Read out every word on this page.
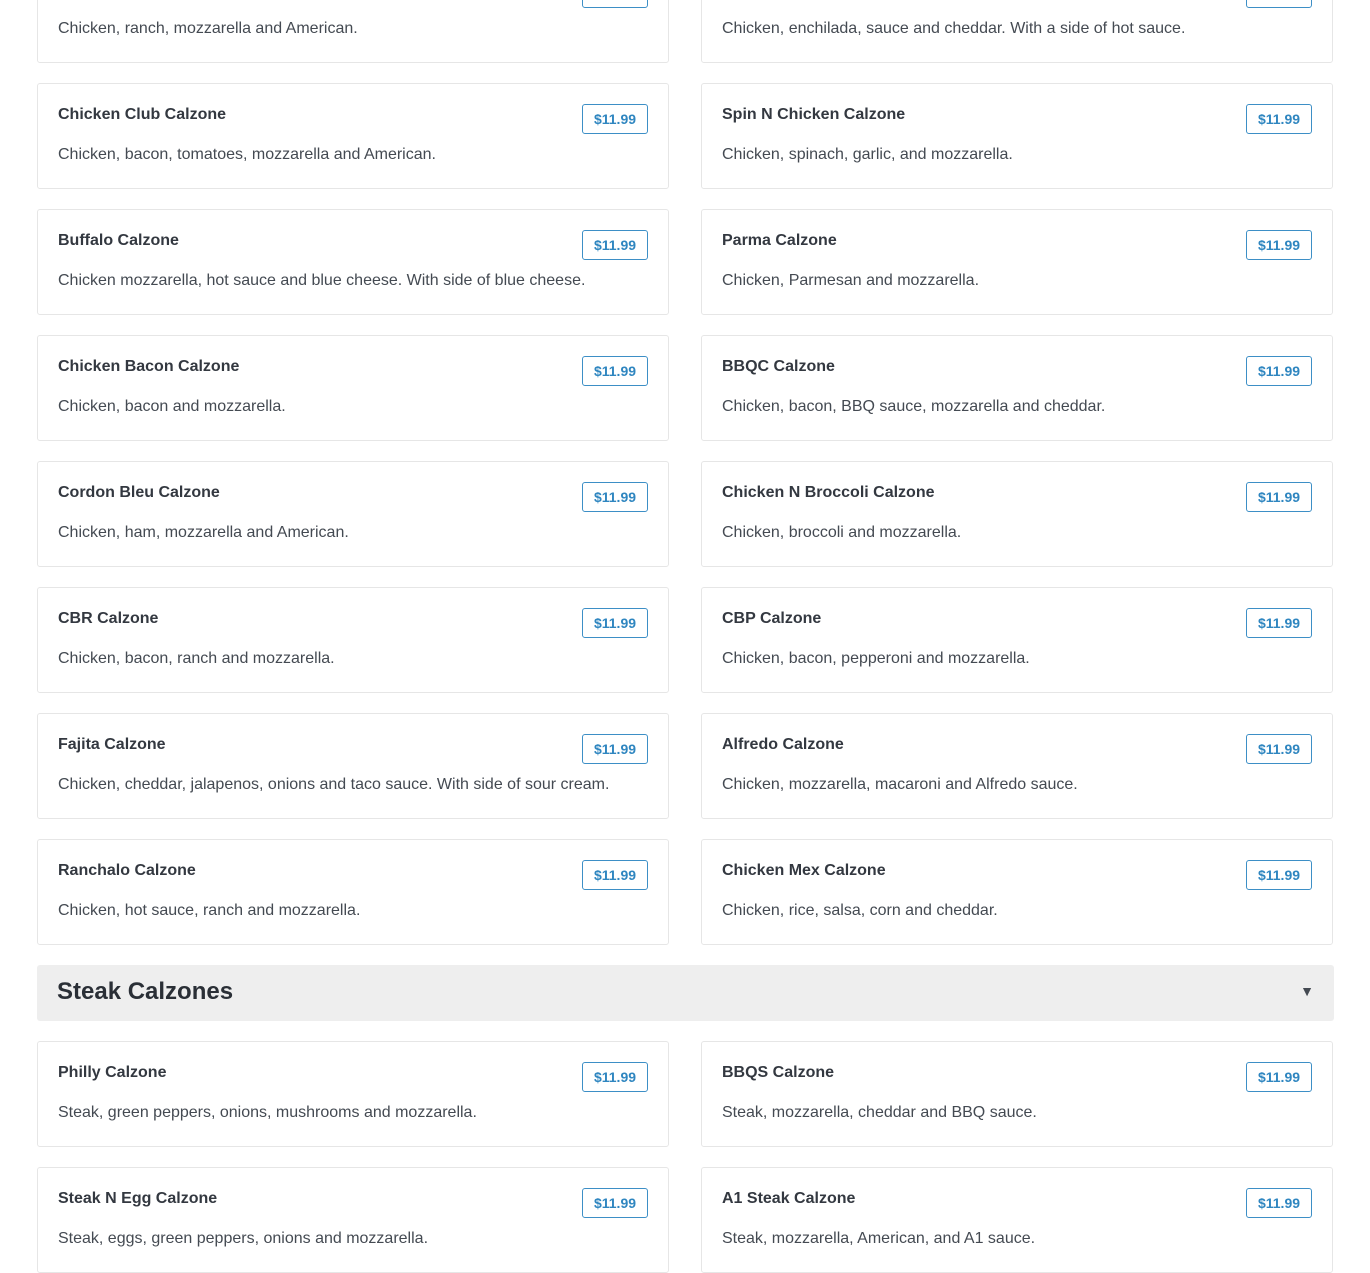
Chicken, ranch, mozzarella and American.	Chicken, enchilada, sauce and cheddar. With a side of hot sauce.
Chicken Club Calzone	$11.99
Chicken, bacon, tomatoes, mozzarella and American.
Spin N Chicken Calzone	$11.99
Chicken, spinach, garlic, and mozzarella.
Buffalo Calzone	$11.99
Chicken mozzarella, hot sauce and blue cheese. With side of blue cheese.
Parma Calzone	$11.99
Chicken, Parmesan and mozzarella.
Chicken Bacon Calzone	$11.99
Chicken, bacon and mozzarella.
BBQC Calzone	$11.99
Chicken, bacon, BBQ sauce, mozzarella and cheddar.
Cordon Bleu Calzone	$11.99
Chicken, ham, mozzarella and American.
Chicken N Broccoli Calzone	$11.99
Chicken, broccoli and mozzarella.
CBR Calzone	$11.99
Chicken, bacon, ranch and mozzarella.
CBP Calzone	$11.99
Chicken, bacon, pepperoni and mozzarella.
Fajita Calzone	$11.99
Chicken, cheddar, jalapenos, onions and taco sauce. With side of sour cream.
Alfredo Calzone	$11.99
Chicken, mozzarella, macaroni and Alfredo sauce.
Ranchalo Calzone	$11.99
Chicken, hot sauce, ranch and mozzarella.
Chicken Mex Calzone	$11.99
Chicken, rice, salsa, corn and cheddar.
Steak Calzones	▼
Philly Calzone	$11.99
Steak, green peppers, onions, mushrooms and mozzarella.
BBQS Calzone	$11.99
Steak, mozzarella, cheddar and BBQ sauce.
Steak N Egg Calzone	$11.99
Steak, eggs, green peppers, onions and mozzarella.
A1 Steak Calzone	$11.99
Steak, mozzarella, American, and A1 sauce.
